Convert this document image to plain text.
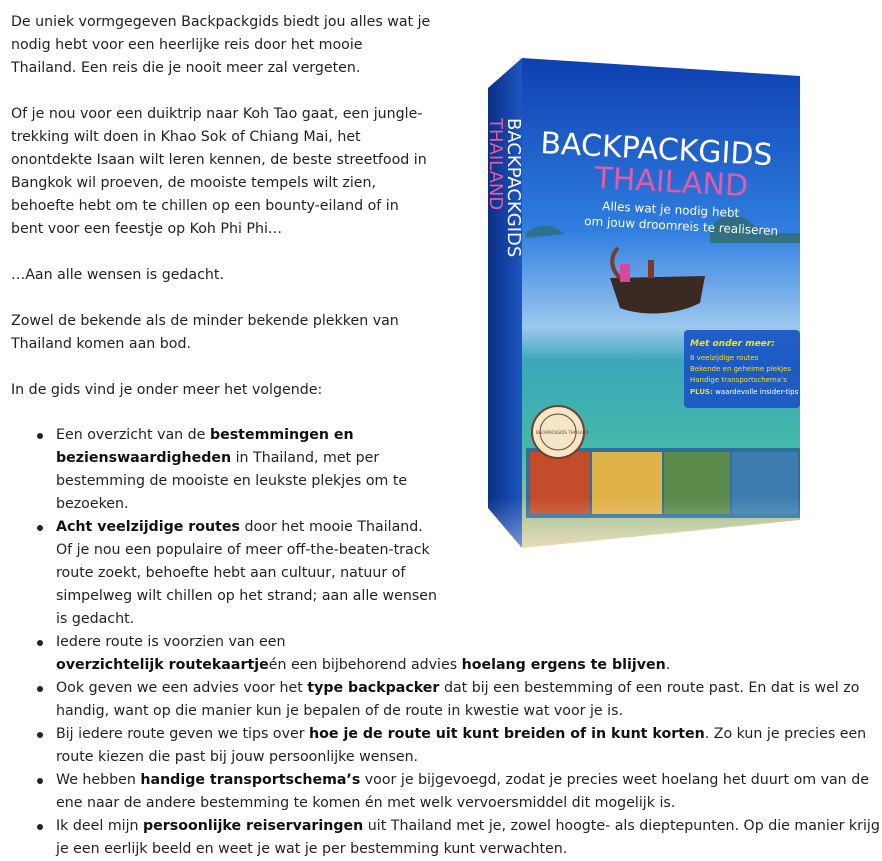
De uniek vormgegeven Backpackgids biedt jou alles wat je nodig hebt voor een heerlijke reis door het mooie Thailand. Een reis die je nooit meer zal vergeten.

Of je nou voor een duiktrip naar Koh Tao gaat, een jungle-trekking wilt doen in Khao Sok of Chiang Mai, het onontdekte Isaan wilt leren kennen, de beste streetfood in Bangkok wil proeven, de mooiste tempels wilt zien, behoefte hebt om te chillen op een bounty-eiland of in bent voor een feestje op Koh Phi Phi…

…Aan alle wensen is gedacht.

Zowel de bekende als de minder bekende plekken van Thailand komen aan bod.

In de gids vind je onder meer het volgende:

Een overzicht van de bestemmingen en bezienswaardigheden in Thailand, met per bestemming de mooiste en leukste plekjes om te bezoeken.
Acht veelzijdige routes door het mooie Thailand. Of je nou een populaire of meer off-the-beaten-track route zoekt, behoefte hebt aan cultuur, natuur of simpelweg wilt chillen op het strand; aan alle wensen is gedacht.
Iedere route is voorzien van een
overzichtelijk routekaartjeén een bijbehorend advies hoelang ergens te blijven.
Ook geven we een advies voor het type backpacker dat bij een bestemming of een route past. En dat is wel zo handig, want op die manier kun je bepalen of de route in kwestie wat voor je is.
Bij iedere route geven we tips over hoe je de route uit kunt breiden of in kunt korten. Zo kun je precies een route kiezen die past bij jouw persoonlijke wensen.
We hebben handige transportschema’s voor je bijgevoegd, zodat je precies weet hoelang het duurt om van de ene naar de andere bestemming te komen én met welk vervoersmiddel dit mogelijk is.
Ik deel mijn persoonlijke reiservaringen uit Thailand met je, zowel hoogte- als dieptepunten. Op die manier krijg je een eerlijk beeld en weet je wat je per bestemming kunt verwachten.
BACKPACKGIDS
THAILAND
Alles wat je nodig hebt
om jouw droomreis te realiseren
BACKPACKGIDS
THAILAND
Met onder meer:
8 veelzijdige routes
Bekende en geheime plekjes
Handige transportschema’s
PLUS: waardevolle insider-tips
BACKPACKGIDS THAILAND
